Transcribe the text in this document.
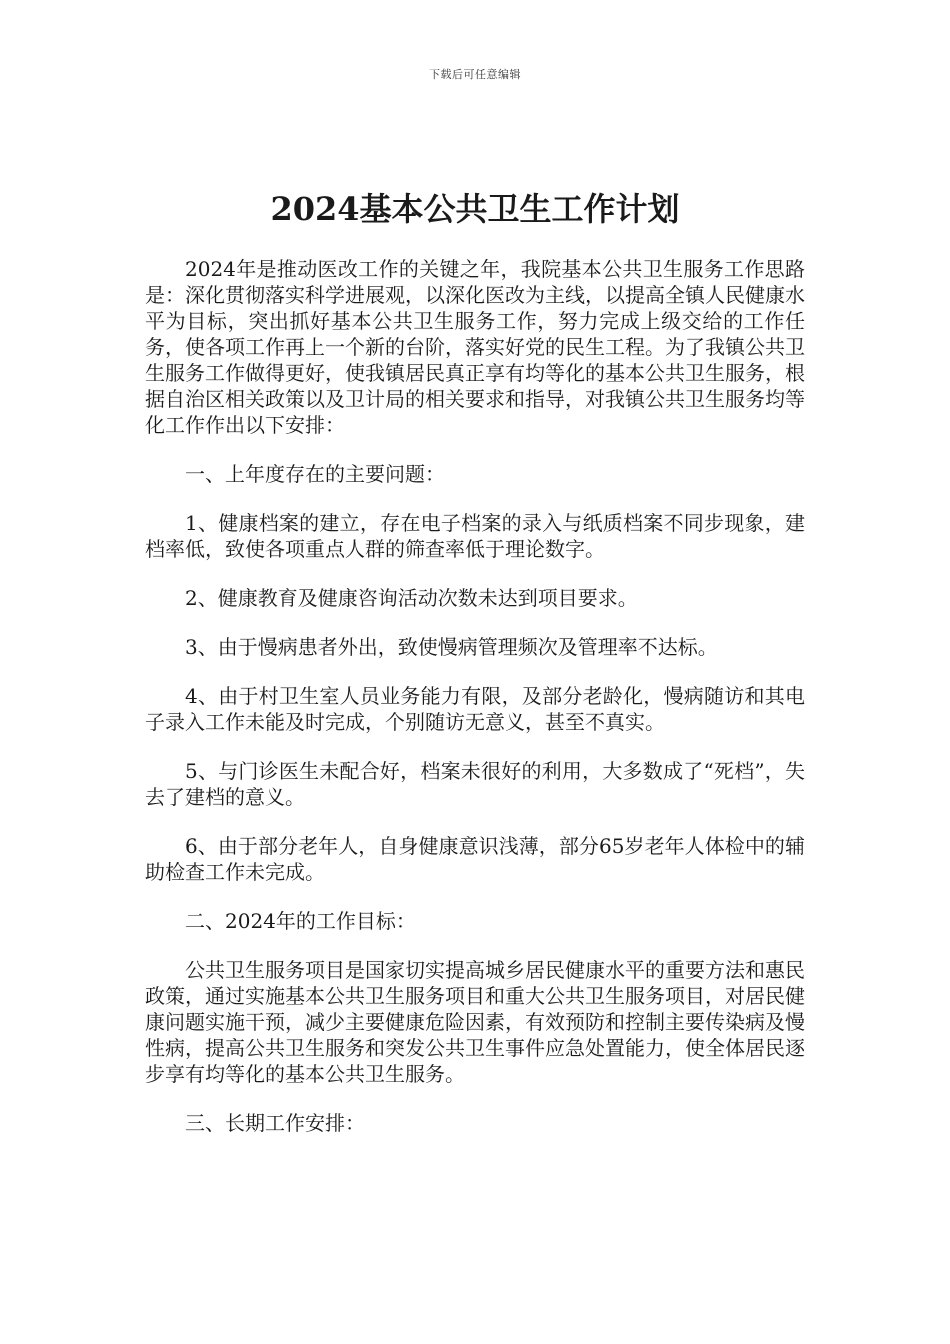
下载后可任意编辑
2024基本公共卫生工作计划

2024年是推动医改工作的关键之年，我院基本公共卫生服务工作思路是：深化贯彻落实科学进展观，以深化医改为主线，以提高全镇人民健康水平为目标，突出抓好基本公共卫生服务工作，努力完成上级交给的工作任务，使各项工作再上一个新的台阶，落实好党的民生工程。为了我镇公共卫生服务工作做得更好，使我镇居民真正享有均等化的基本公共卫生服务，根据自治区相关政策以及卫计局的相关要求和指导，对我镇公共卫生服务均等化工作作出以下安排：

一、上年度存在的主要问题：

1、健康档案的建立，存在电子档案的录入与纸质档案不同步现象，建档率低，致使各项重点人群的筛查率低于理论数字。

2、健康教育及健康咨询活动次数未达到项目要求。

3、由于慢病患者外出，致使慢病管理频次及管理率不达标。

4、由于村卫生室人员业务能力有限，及部分老龄化，慢病随访和其电子录入工作未能及时完成，个别随访无意义，甚至不真实。

5、与门诊医生未配合好，档案未很好的利用，大多数成了“死档”，失去了建档的意义。

6、由于部分老年人，自身健康意识浅薄，部分65岁老年人体检中的辅助检查工作未完成。

二、2024年的工作目标：

公共卫生服务项目是国家切实提高城乡居民健康水平的重要方法和惠民政策，通过实施基本公共卫生服务项目和重大公共卫生服务项目，对居民健康问题实施干预，减少主要健康危险因素，有效预防和控制主要传染病及慢性病，提高公共卫生服务和突发公共卫生事件应急处置能力，使全体居民逐步享有均等化的基本公共卫生服务。

三、长期工作安排：
